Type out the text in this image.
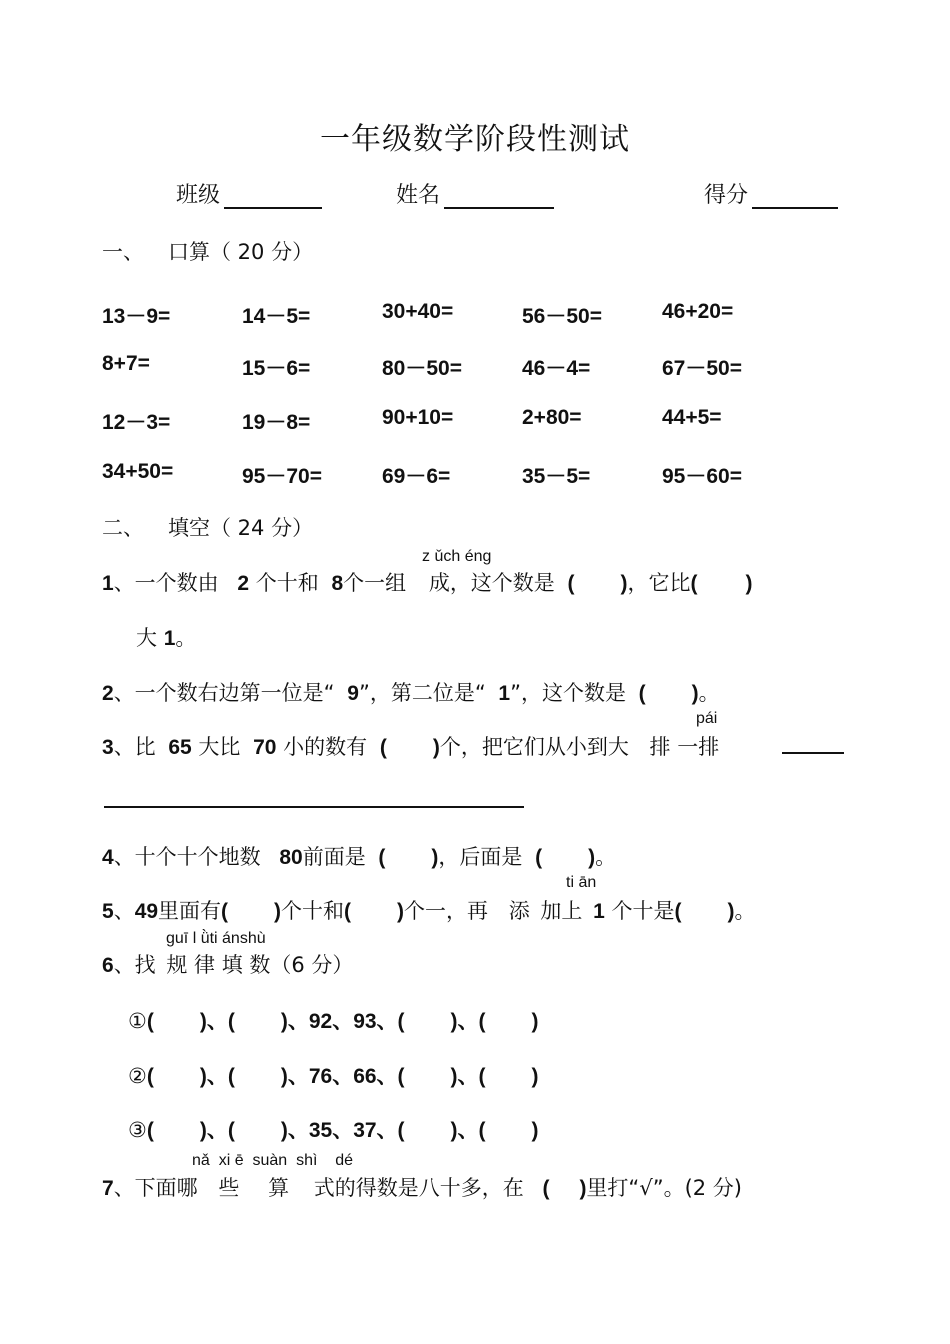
一年级数学阶段性测试
班级	姓名	得分
一、 口算（ 20 分）
13－9=	14－5=	30+40=	56－50=	46+20=
8+7=	15－6=	80－50=	46－4=	67－50=
12－3=	19－8=	90+10=	2+80=	44+5=
34+50=	95－70=	69－6=	35－5=	95－60=
二、 填空（ 24 分）
z ǔch éng
1、一个数由 2 个十和 8个一组 成，这个数是 ( )，它比( )
大 1。
2、一个数右边第一位是“ 9”，第二位是“ 1”，这个数是 ( )。
pái
3、比 65 大比 70 小的数有 ( )个，把它们从小到大 排 一排
4、十个十个地数 80前面是 ( )，后面是 ( )。
ti ān
5、49里面有( )个十和( )个一，再 添 加上 1 个十是( )。
guī l ǜti ánshù
6、找 规 律 填 数（6 分）
①( )、( )、92、93、( )、( )
②( )、( )、76、66、( )、( )
③( )、( )、35、37、( )、( )
nǎ  xi ē  suàn  shì    dé
7、下面哪 些 算 式的得数是八十多，在 ( )里打“√”。(2 分)
